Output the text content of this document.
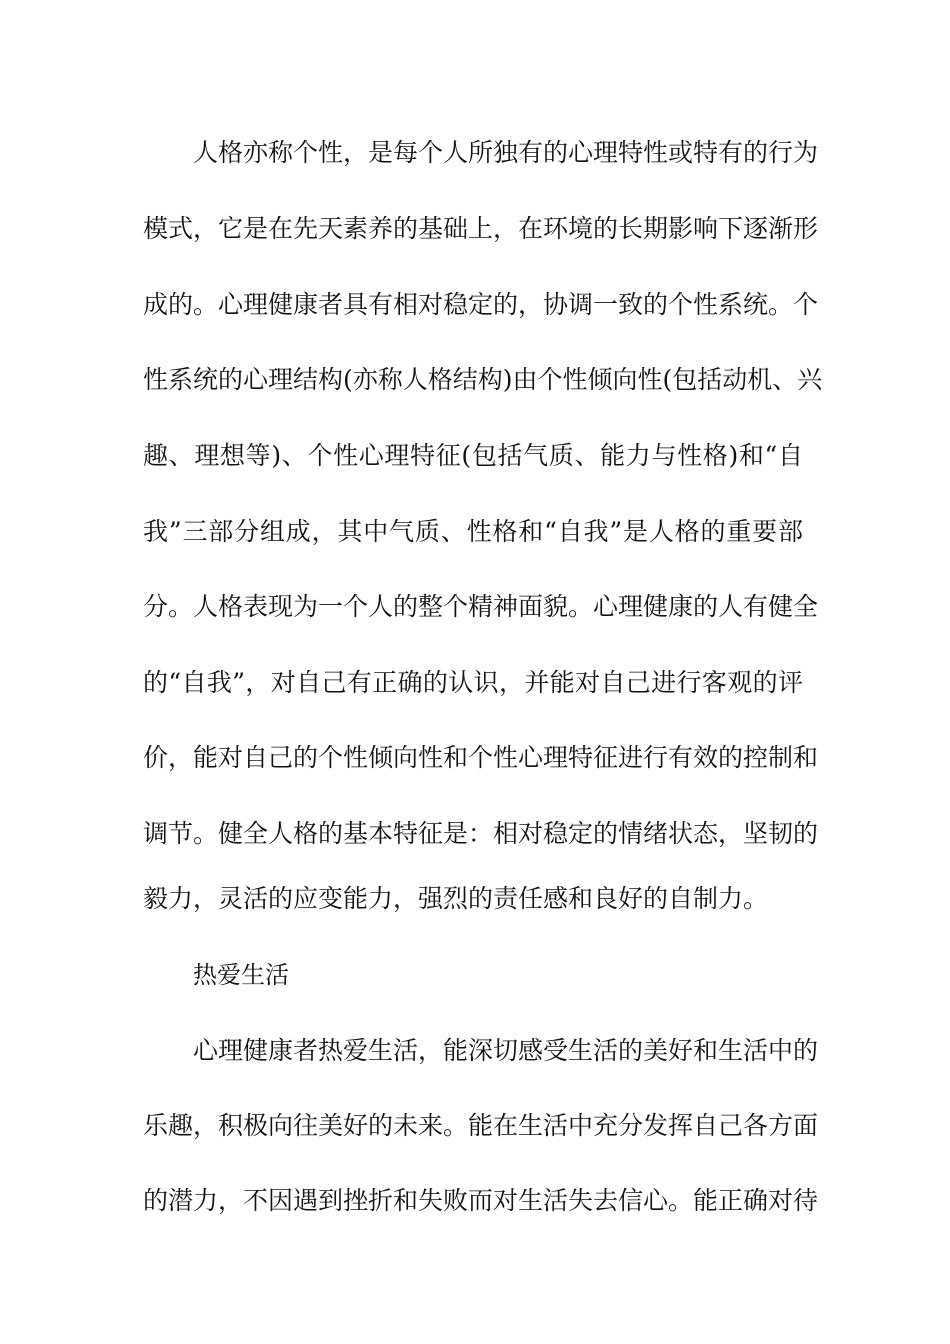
人格亦称个性，是每个人所独有的心理特性或特有的行为
模式，它是在先天素养的基础上，在环境的长期影响下逐渐形
成的。心理健康者具有相对稳定的，协调一致的个性系统。个
性系统的心理结构(亦称人格结构)由个性倾向性(包括动机、兴
趣、理想等)、个性心理特征(包括气质、能力与性格)和“自
我”三部分组成，其中气质、性格和“自我”是人格的重要部
分。人格表现为一个人的整个精神面貌。心理健康的人有健全
的“自我”，对自己有正确的认识，并能对自己进行客观的评
价，能对自己的个性倾向性和个性心理特征进行有效的控制和
调节。健全人格的基本特征是：相对稳定的情绪状态，坚韧的
毅力，灵活的应变能力，强烈的责任感和良好的自制力。
热爱生活
心理健康者热爱生活，能深切感受生活的美好和生活中的
乐趣，积极向往美好的未来。能在生活中充分发挥自己各方面
的潜力，不因遇到挫折和失败而对生活失去信心。能正确对待
